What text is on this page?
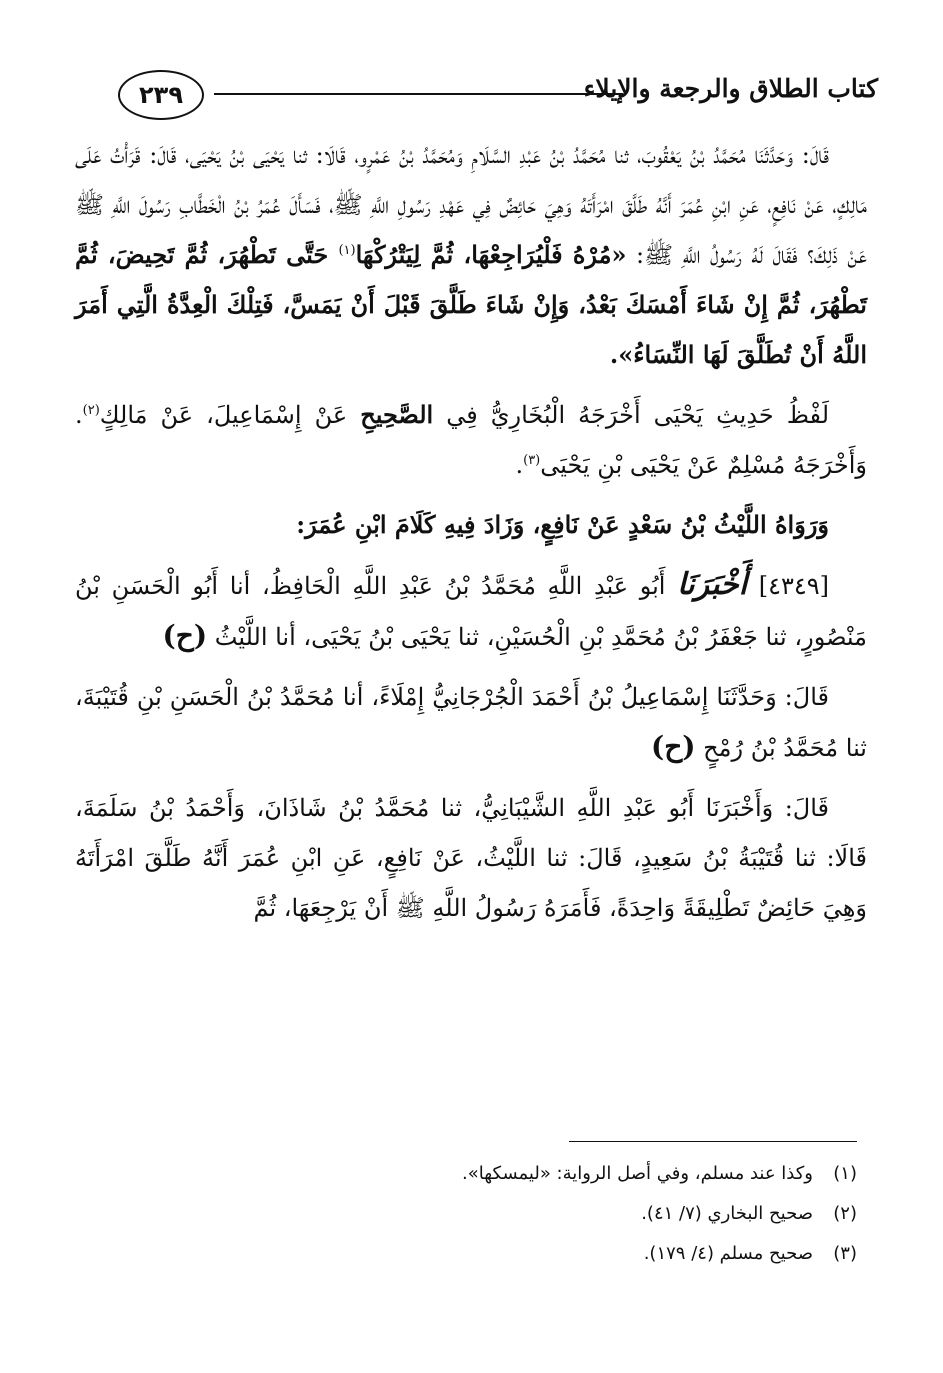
كتاب الطلاق والرجعة والإيلاء
٢٣٩

قَالَ: وَحَدَّثَنَا مُحَمَّدُ بْنُ يَعْقُوبَ، ثنا مُحَمَّدُ بْنُ عَبْدِ السَّلَامِ وَمُحَمَّدُ بْنُ عَمْرٍو، قَالَا: ثنا يَحْيَى بْنُ يَحْيَى، قَالَ: قَرَأْتُ عَلَى مَالِكٍ، عَنْ نَافِعٍ، عَنِ ابْنِ عُمَرَ أَنَّهُ طَلَّقَ امْرَأَتَهُ وَهِيَ حَائِضٌ فِي عَهْدِ رَسُولِ اللَّهِ ﷺ، فَسَأَلَ عُمَرُ بْنُ الْخَطَّابِ رَسُولَ اللَّهِ ﷺ عَنْ ذَلِكَ؟ فَقَالَ لَهُ رَسُولُ اللَّهِ ﷺ: «مُرْهُ فَلْيُرَاجِعْهَا، ثُمَّ لِيَتْرُكْهَا$^{(١)}$ حَتَّى تَطْهُرَ، ثُمَّ تَحِيضَ، ثُمَّ تَطْهُرَ، ثُمَّ إِنْ شَاءَ أَمْسَكَ بَعْدُ، وَإِنْ شَاءَ طَلَّقَ قَبْلَ أَنْ يَمَسَّ، فَتِلْكَ الْعِدَّةُ الَّتِي أَمَرَ اللَّهُ أَنْ تُطَلَّقَ لَهَا النِّسَاءُ».

لَفْظُ حَدِيثِ يَحْيَى أَخْرَجَهُ الْبُخَارِيُّ فِي الصَّحِيحِ عَنْ إِسْمَاعِيلَ، عَنْ مَالِكٍ$^{(٢)}$. وَأَخْرَجَهُ مُسْلِمٌ عَنْ يَحْيَى بْنِ يَحْيَى$^{(٣)}$.

وَرَوَاهُ اللَّيْثُ بْنُ سَعْدٍ عَنْ نَافِعٍ، وَزَادَ فِيهِ كَلَامَ ابْنِ عُمَرَ:

[٤٣٤٩] أَخْبَرَنَا أَبُو عَبْدِ اللَّهِ مُحَمَّدُ بْنُ عَبْدِ اللَّهِ الْحَافِظُ، أنا أَبُو الْحَسَنِ بْنُ مَنْصُورٍ، ثنا جَعْفَرُ بْنُ مُحَمَّدِ بْنِ الْحُسَيْنِ، ثنا يَحْيَى بْنُ يَحْيَى، أنا اللَّيْثُ (ح)

قَالَ: وَحَدَّثَنَا إِسْمَاعِيلُ بْنُ أَحْمَدَ الْجُرْجَانِيُّ إِمْلَاءً، أنا مُحَمَّدُ بْنُ الْحَسَنِ بْنِ قُتَيْبَةَ، ثنا مُحَمَّدُ بْنُ رُمْحٍ (ح)

قَالَ: وَأَخْبَرَنَا أَبُو عَبْدِ اللَّهِ الشَّيْبَانِيُّ، ثنا مُحَمَّدُ بْنُ شَاذَانَ، وَأَحْمَدُ بْنُ سَلَمَةَ، قَالَا: ثنا قُتَيْبَةُ بْنُ سَعِيدٍ، قَالَ: ثنا اللَّيْثُ، عَنْ نَافِعٍ، عَنِ ابْنِ عُمَرَ أَنَّهُ طَلَّقَ امْرَأَتَهُ وَهِيَ حَائِضٌ تَطْلِيقَةً وَاحِدَةً، فَأَمَرَهُ رَسُولُ اللَّهِ ﷺ أَنْ يَرْجِعَهَا، ثُمَّ

(١)وكذا عند مسلم، وفي أصل الرواية: «ليمسكها».
(٢)صحيح البخاري (٧/ ٤١).
(٣)صحيح مسلم (٤/ ١٧٩).
